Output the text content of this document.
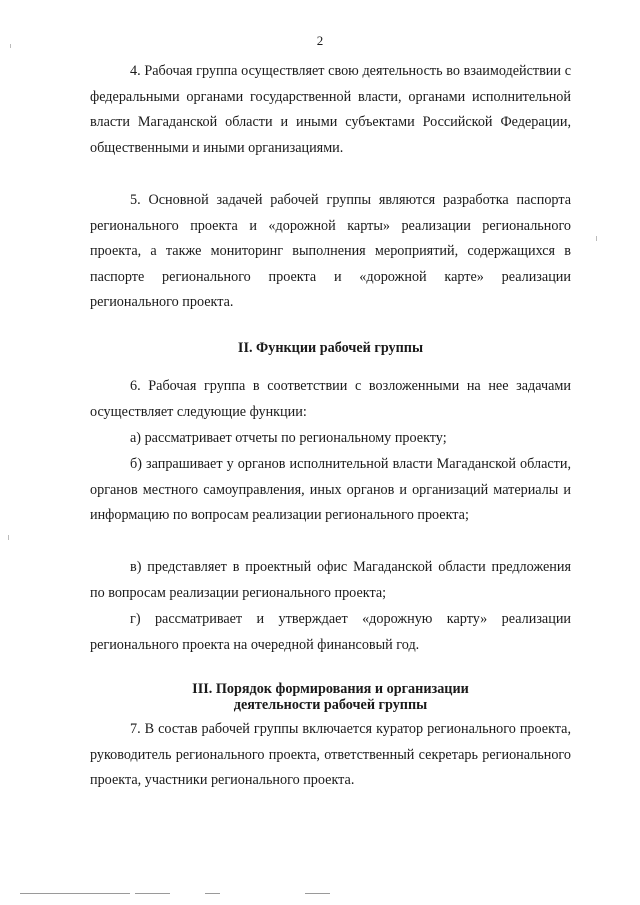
2

4. Рабочая группа осуществляет свою деятельность во взаимодействии с федеральными органами государственной власти, органами исполнительной власти Магаданской области и иными субъектами Российской Федерации, общественными и иными организациями.

5. Основной задачей рабочей группы являются разработка паспорта регионального проекта и «дорожной карты» реализации регионального проекта, а также мониторинг выполнения мероприятий, содержащихся в паспорте регионального проекта и «дорожной карте» реализации регионального проекта.

II. Функции рабочей группы

6. Рабочая группа в соответствии с возложенными на нее задачами осуществляет следующие функции:

а) рассматривает отчеты по региональному проекту;

б) запрашивает у органов исполнительной власти Магаданской области, органов местного самоуправления, иных органов и организаций материалы и информацию по вопросам реализации регионального проекта;

в) представляет в проектный офис Магаданской области предложения по вопросам реализации регионального проекта;

г) рассматривает и утверждает «дорожную карту» реализации регионального проекта на очередной финансовый год.

III. Порядок формирования и организации

деятельности рабочей группы

7. В состав рабочей группы включается куратор регионального проекта, руководитель регионального проекта, ответственный секретарь регионального проекта, участники регионального проекта.
